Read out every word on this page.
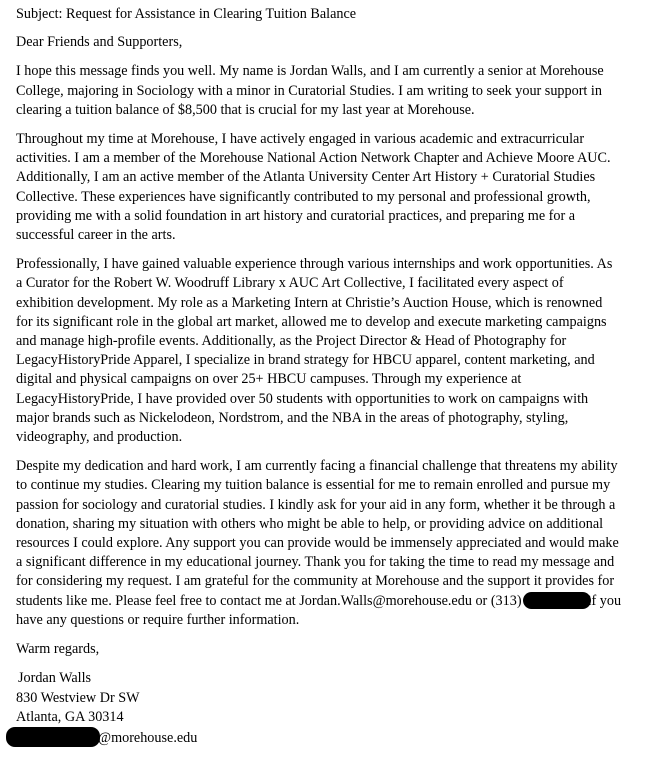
Subject: Request for Assistance in Clearing Tuition Balance
Dear Friends and Supporters,
I hope this message finds you well. My name is Jordan Walls, and I am currently a senior at Morehouse
College, majoring in Sociology with a minor in Curatorial Studies. I am writing to seek your support in
clearing a tuition balance of $8,500 that is crucial for my last year at Morehouse.
Throughout my time at Morehouse, I have actively engaged in various academic and extracurricular
activities. I am a member of the Morehouse National Action Network Chapter and Achieve Moore AUC.
Additionally, I am an active member of the Atlanta University Center Art History + Curatorial Studies
Collective. These experiences have significantly contributed to my personal and professional growth,
providing me with a solid foundation in art history and curatorial practices, and preparing me for a
successful career in the arts.
Professionally, I have gained valuable experience through various internships and work opportunities. As
a Curator for the Robert W. Woodruff Library x AUC Art Collective, I facilitated every aspect of
exhibition development. My role as a Marketing Intern at Christie’s Auction House, which is renowned
for its significant role in the global art market, allowed me to develop and execute marketing campaigns
and manage high-profile events. Additionally, as the Project Director & Head of Photography for
LegacyHistoryPride Apparel, I specialize in brand strategy for HBCU apparel, content marketing, and
digital and physical campaigns on over 25+ HBCU campuses. Through my experience at
LegacyHistoryPride, I have provided over 50 students with opportunities to work on campaigns with
major brands such as Nickelodeon, Nordstrom, and the NBA in the areas of photography, styling,
videography, and production.
Despite my dedication and hard work, I am currently facing a financial challenge that threatens my ability
to continue my studies. Clearing my tuition balance is essential for me to remain enrolled and pursue my
passion for sociology and curatorial studies. I kindly ask for your aid in any form, whether it be through a
donation, sharing my situation with others who might be able to help, or providing advice on additional
resources I could explore. Any support you can provide would be immensely appreciated and would make
a significant difference in my educational journey. Thank you for taking the time to read my message and
for considering my request. I am grateful for the community at Morehouse and the support it provides for
students like me. Please feel free to contact me at Jordan.Walls@morehouse.edu or (313)	if you
have any questions or require further information.
Warm regards,
Jordan Walls
830 Westview Dr SW
Atlanta, GA 30314
@morehouse.edu
